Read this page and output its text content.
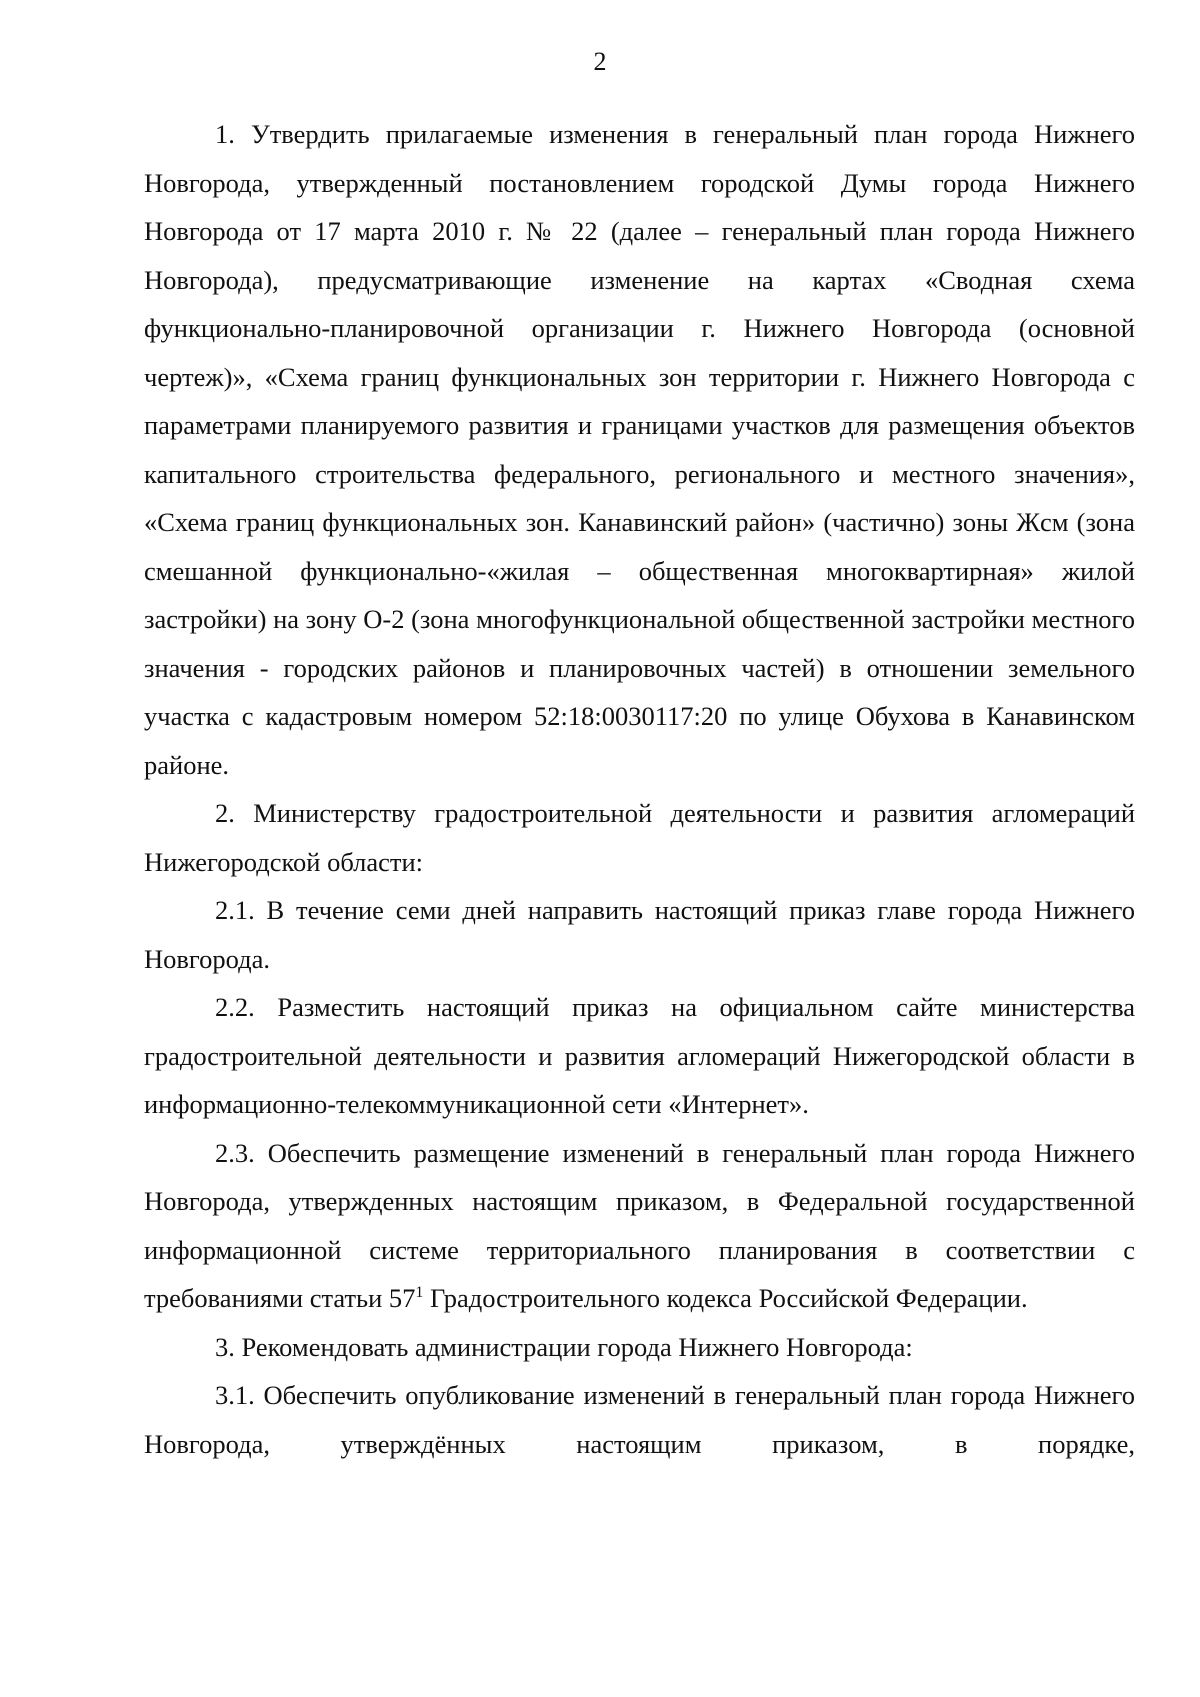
2

1. Утвердить прилагаемые изменения в генеральный план города Нижнего Новгорода, утвержденный постановлением городской Думы города Нижнего Новгорода от 17 марта 2010 г. № 22 (далее – генеральный план города Нижнего Новгорода), предусматривающие изменение на картах «Сводная схема функционально-планировочной организации г. Нижнего Новгорода (основной чертеж)», «Схема границ функциональных зон территории г. Нижнего Новгорода с параметрами планируемого развития и границами участков для размещения объектов капитального строительства федерального, регионального и местного значения», «Схема границ функциональных зон. Канавинский район» (частично) зоны Жсм (зона смешанной функционально-«жилая – общественная многоквартирная» жилой застройки) на зону О-2 (зона многофункциональной общественной застройки местного значения - городских районов и планировочных частей) в отношении земельного участка с кадастровым номером 52:18:0030117:20 по улице Обухова в Канавинском районе.

2. Министерству градостроительной деятельности и развития агломераций Нижегородской области:

2.1. В течение семи дней направить настоящий приказ главе города Нижнего Новгорода.

2.2. Разместить настоящий приказ на официальном сайте министерства градостроительной деятельности и развития агломераций Нижегородской области в информационно-телекоммуникационной сети «Интернет».

2.3. Обеспечить размещение изменений в генеральный план города Нижнего Новгорода, утвержденных настоящим приказом, в Федеральной государственной информационной системе территориального планирования в соответствии с требованиями статьи $57^1$ Градостроительного кодекса Российской Федерации.

3. Рекомендовать администрации города Нижнего Новгорода:

3.1. Обеспечить опубликование изменений в генеральный план города Нижнего Новгорода, утверждённых настоящим приказом, в порядке,
